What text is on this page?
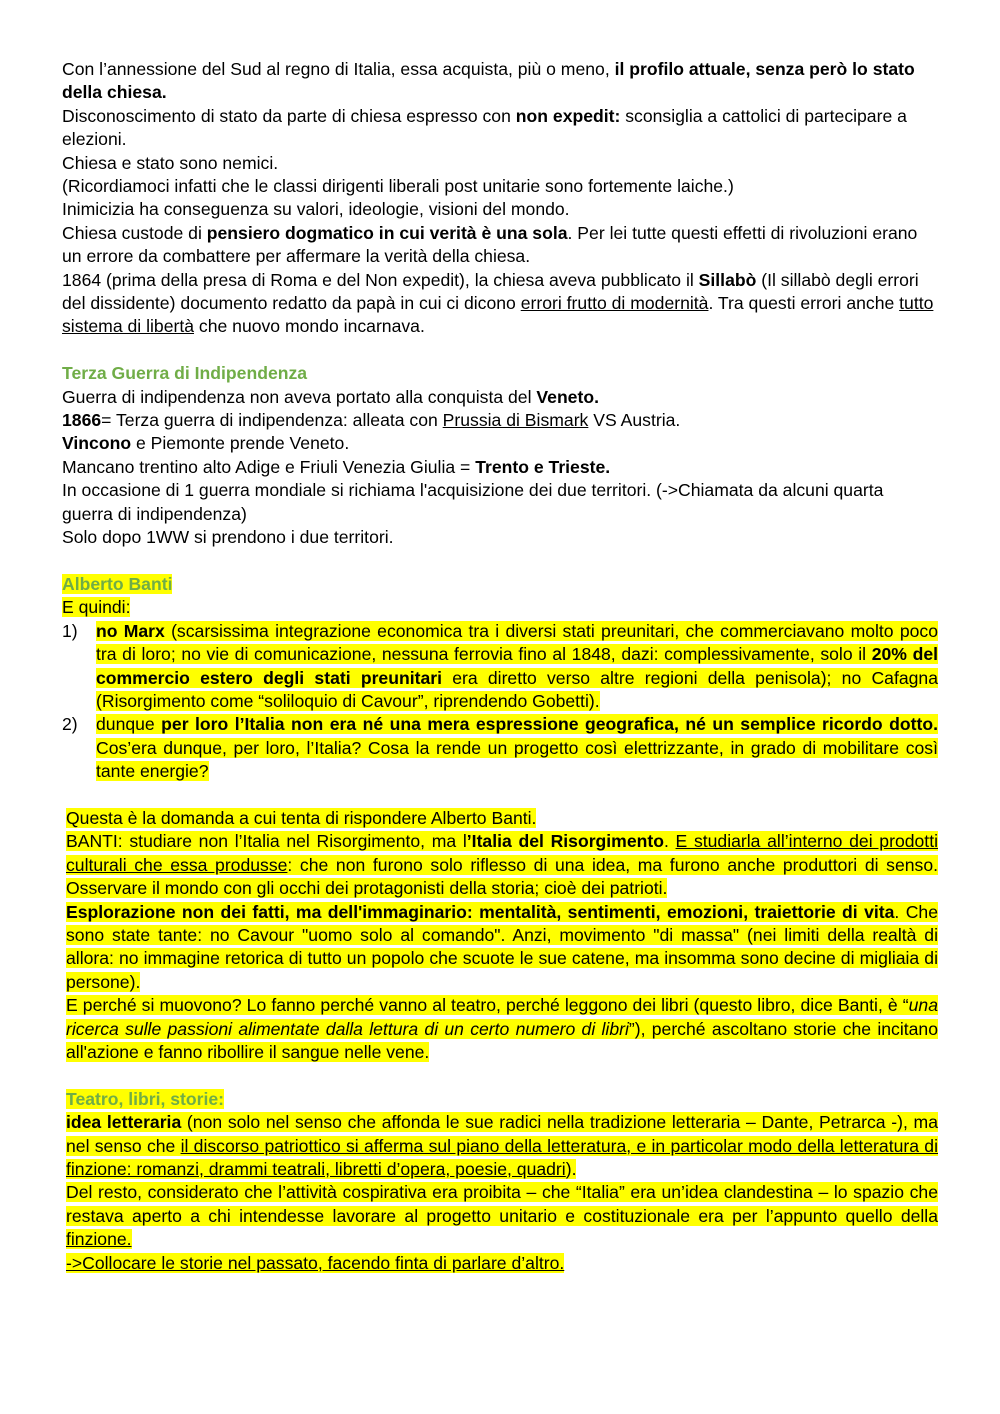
Con l’annessione del Sud al regno di Italia, essa acquista, più o meno, il profilo attuale, senza però lo stato della chiesa.

Disconoscimento di stato da parte di chiesa espresso con non expedit: sconsiglia a cattolici di partecipare a elezioni.

Chiesa e stato sono nemici.

(Ricordiamoci infatti che le classi dirigenti liberali post unitarie sono fortemente laiche.)

Inimicizia ha conseguenza su valori, ideologie, visioni del mondo.

Chiesa custode di pensiero dogmatico in cui verità è una sola. Per lei tutte questi effetti di rivoluzioni erano un errore da combattere per affermare la verità della chiesa.

1864 (prima della presa di Roma e del Non expedit), la chiesa aveva pubblicato il Sillabò (Il sillabò degli errori del dissidente) documento redatto da papà in cui ci dicono errori frutto di modernità. Tra questi errori anche tutto sistema di libertà che nuovo mondo incarnava.

Terza Guerra di Indipendenza

Guerra di indipendenza non aveva portato alla conquista del Veneto.

1866= Terza guerra di indipendenza: alleata con Prussia di Bismark VS Austria.

Vincono e Piemonte prende Veneto.

Mancano trentino alto Adige e Friuli Venezia Giulia = Trento e Trieste.

In occasione di 1 guerra mondiale si richiama l'acquisizione dei due territori. (->Chiamata da alcuni quarta guerra di indipendenza)

Solo dopo 1WW si prendono i due territori.

Alberto Banti

E quindi:

1) no Marx (scarsissima integrazione economica tra i diversi stati preunitari, che commerciavano molto poco tra di loro; no vie di comunicazione, nessuna ferrovia fino al 1848, dazi: complessivamente, solo il 20% del commercio estero degli stati preunitari era diretto verso altre regioni della penisola); no Cafagna (Risorgimento come “soliloquio di Cavour”, riprendendo Gobetti).
2) dunque per loro l’Italia non era né una mera espressione geografica, né un semplice ricordo dotto. Cos’era dunque, per loro, l’Italia? Cosa la rende un progetto così elettrizzante, in grado di mobilitare così tante energie?

Questa è la domanda a cui tenta di rispondere Alberto Banti.

BANTI: studiare non l’Italia nel Risorgimento, ma l’Italia del Risorgimento. E studiarla all’interno dei prodotti culturali che essa produsse: che non furono solo riflesso di una idea, ma furono anche produttori di senso. Osservare il mondo con gli occhi dei protagonisti della storia; cioè dei patrioti.

Esplorazione non dei fatti, ma dell'immaginario: mentalità, sentimenti, emozioni, traiettorie di vita. Che sono state tante: no Cavour "uomo solo al comando". Anzi, movimento "di massa" (nei limiti della realtà di allora: no immagine retorica di tutto un popolo che scuote le sue catene, ma insomma sono decine di migliaia di persone).

E perché si muovono? Lo fanno perché vanno al teatro, perché leggono dei libri (questo libro, dice Banti, è “una ricerca sulle passioni alimentate dalla lettura di un certo numero di libri”), perché ascoltano storie che incitano all'azione e fanno ribollire il sangue nelle vene.

Teatro, libri, storie:

idea letteraria (non solo nel senso che affonda le sue radici nella tradizione letteraria – Dante, Petrarca -), ma nel senso che il discorso patriottico si afferma sul piano della letteratura, e in particolar modo della letteratura di finzione: romanzi, drammi teatrali, libretti d’opera, poesie, quadri).

Del resto, considerato che l’attività cospirativa era proibita – che “Italia” era un’idea clandestina – lo spazio che restava aperto a chi intendesse lavorare al progetto unitario e costituzionale era per l’appunto quello della finzione.

->Collocare le storie nel passato, facendo finta di parlare d’altro.
